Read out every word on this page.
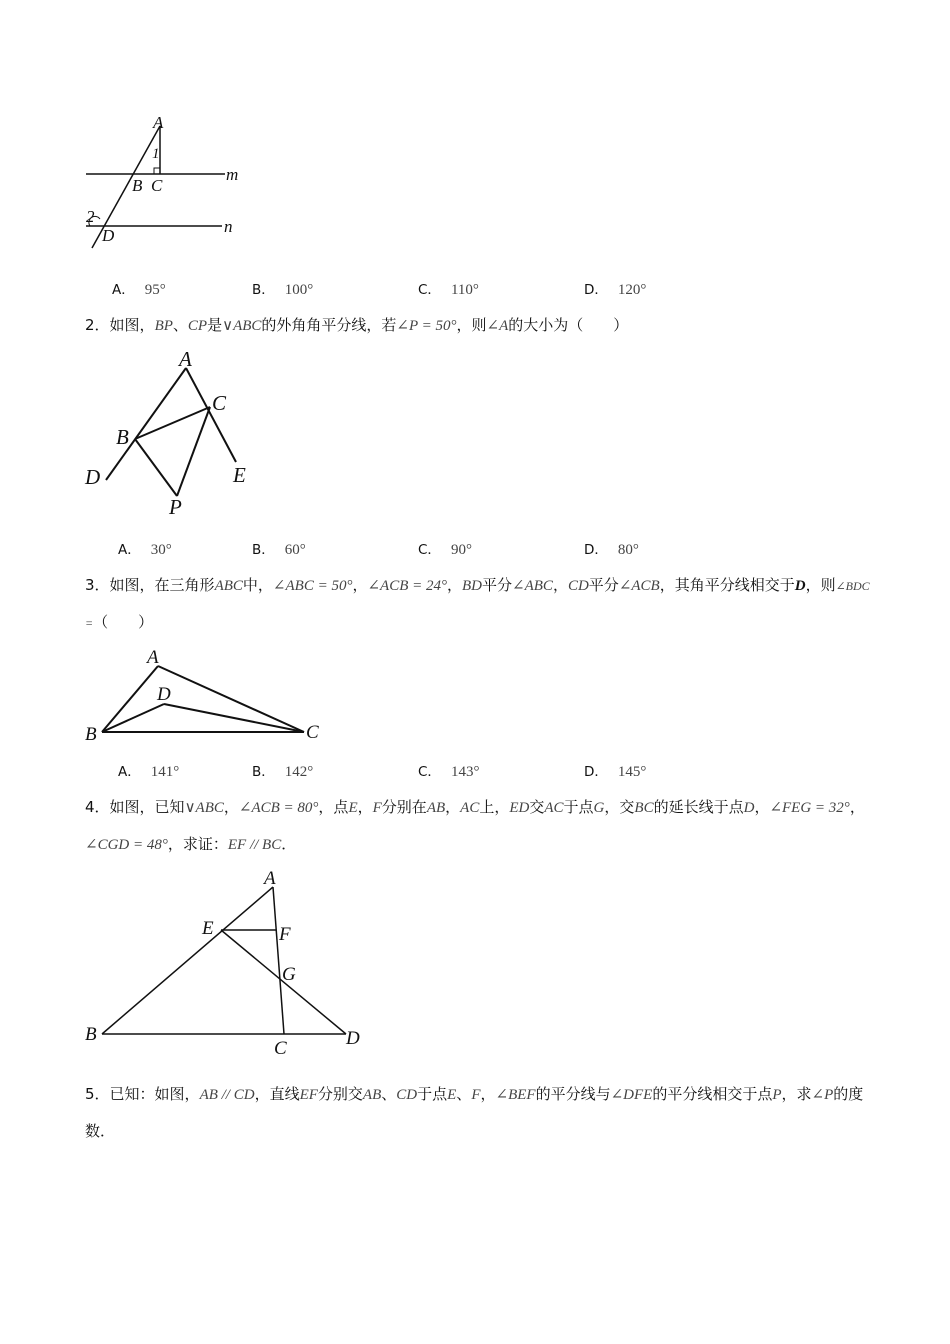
A
1
B C
m
2
D	n
A． 95°	B． 100°	C． 110°	D． 120°
2．如图，BP、CP是∨ABC的外角角平分线，若∠P = 50°，则∠A的大小为（　　）
A
C
B
D	E
P
A． 30°	B． 60°	C． 90°	D． 80°
3．如图，在三角形ABC中，∠ABC = 50°，∠ACB = 24°，BD平分∠ABC，CD平分∠ACB，其角平分线相交于D，则∠BDC =（　　）
A
D
B	C
A． 141°	B． 142°	C． 143°	D． 145°
4．如图，已知∨ABC，∠ACB = 80°，点E，F分别在AB，AC上，ED交AC于点G，交BC的延长线于点D，∠FEG = 32°，∠CGD = 48°，求证：EF // BC．
A
E	F
G
B
C	D
5．已知：如图，AB // CD，直线EF分别交AB、CD于点E、F，∠BEF的平分线与∠DFE的平分线相交于点P，求∠P的度数．
